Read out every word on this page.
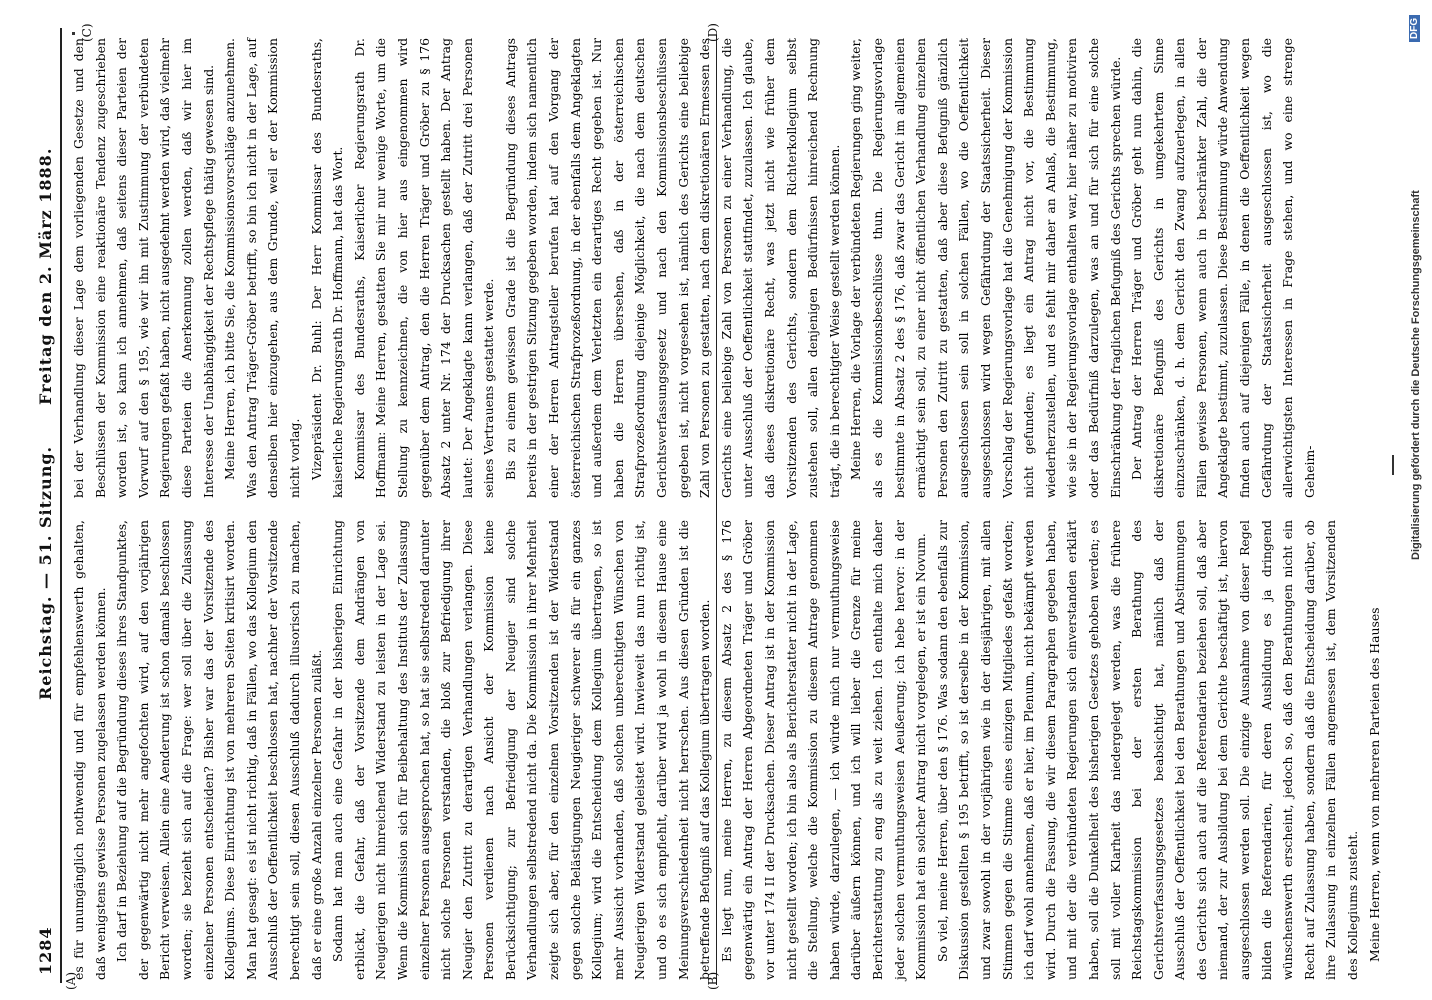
1284
Reichstag. — 51. Sitzung.
Freitag den 2. März 1888.
(A)	(B)
(C)	(D)

es für unumgänglich nothwendig und für empfehlenswerth gehalten, daß wenigstens gewisse Personen zugelassen werden können. Ich darf in Beziehung auf die Begründung dieses ihres Standpunktes, der gegenwärtig nicht mehr angefochten wird, auf den vorjährigen Bericht verweisen. Allein eine Aenderung ist schon damals beschlossen worden; sie bezieht sich auf die Frage: wer soll über die Zulassung einzelner Personen entscheiden? Bisher war das der Vorsitzende des Kollegiums. Diese Einrichtung ist von mehreren Seiten kritisirt worden. Man hat gesagt: es ist nicht richtig, daß in Fällen, wo das Kollegium den Ausschluß der Oeffentlichkeit beschlossen hat, nachher der Vorsitzende berechtigt sein soll, diesen Ausschluß dadurch illusorisch zu machen, daß er eine große Anzahl einzelner Personen zuläßt. Sodann hat man auch eine Gefahr in der bisherigen Einrichtung erblickt, die Gefahr, daß der Vorsitzende dem Andrängen von Neugierigen nicht hinreichend Widerstand zu leisten in der Lage sei. Wenn die Kommission sich für Beibehaltung des Instituts der Zulassung einzelner Personen ausgesprochen hat, so hat sie selbstredend darunter nicht solche Personen verstanden, die bloß zur Befriedigung ihrer Neugier den Zutritt zu derartigen Verhandlungen verlangen. Diese Personen verdienen nach Ansicht der Kommission keine Berücksichtigung; zur Befriedigung der Neugier sind solche Verhandlungen selbstredend nicht da. Die Kommission in ihrer Mehrheit zeigte sich aber, für den einzelnen Vorsitzenden ist der Widerstand gegen solche Belästigungen Neugieriger schwerer als für ein ganzes Kollegium; wird die Entscheidung dem Kollegium übertragen, so ist mehr Aussicht vorhanden, daß solchen unberechtigten Wünschen von Neugierigen Widerstand geleistet wird. Inwieweit das nun richtig ist, und ob es sich empfiehlt, darüber wird ja wohl in diesem Hause eine Meinungsverschiedenheit nicht herrschen. Aus diesen Gründen ist die betreffende Befugniß auf das Kollegium übertragen worden. Es liegt nun, meine Herren, zu diesem Absatz 2 des § 176 gegenwärtig ein Antrag der Herren Abgeordneten Träger und Gröber vor unter 174 II der Drucksachen. Dieser Antrag ist in der Kommission nicht gestellt worden; ich bin also als Berichterstatter nicht in der Lage, die Stellung, welche die Kommission zu diesem Antrage genommen haben würde, darzulegen, — ich würde mich nur vermuthungsweise darüber äußern können, und ich will lieber die Grenze für meine Berichterstattung zu eng als zu weit ziehen. Ich enthalte mich daher jeder solchen vermuthungsweisen Aeußerung; ich hebe hervor: in der Kommission hat ein solcher Antrag nicht vorgelegen, er ist ein Novum. So viel, meine Herren, über den § 176. Was sodann den ebenfalls zur Diskussion gestellten § 195 betrifft, so ist derselbe in der Kommission, und zwar sowohl in der vorjährigen wie in der diesjährigen, mit allen Stimmen gegen die Stimme eines einzigen Mitgliedes gefaßt worden; ich darf wohl annehmen, daß er hier, im Plenum, nicht bekämpft werden wird. Durch die Fassung, die wir diesem Paragraphen gegeben haben, und mit der die verbündeten Regierungen sich einverstanden erklärt haben, soll die Dunkelheit des bisherigen Gesetzes gehoben werden; es soll mit voller Klarheit das niedergelegt werden, was die frühere Reichstagskommission bei der ersten Berathung des Gerichtsverfassungsgesetzes beabsichtigt hat, nämlich daß der Ausschluß der Oeffentlichkeit bei den Berathungen und Abstimmungen des Gerichts sich auch auf die Referendarien beziehen soll, daß aber niemand, der zur Ausbildung bei dem Gerichte beschäftigt ist, hiervon ausgeschlossen werden soll. Die einzige Ausnahme von dieser Regel bilden die Referendarien, für deren Ausbildung es ja dringend wünschenswerth erscheint, jedoch so, daß den Berathungen nicht ein Recht auf Zulassung haben, sondern daß die Entscheidung darüber, ob ihre Zulassung in einzelnen Fällen angemessen ist, dem Vorsitzenden des Kollegiums zusteht. Meine Herren, wenn von mehreren Parteien des Hauses

bei der Verhandlung dieser Lage dem vorliegenden Gesetze und den Beschlüssen der Kommission eine reaktionäre Tendenz zugeschrieben worden ist, so kann ich annehmen, daß seitens dieser Parteien der Vorwurf auf den § 195, wie wir ihn mit Zustimmung der verbündeten Regierungen gefaßt haben, nicht ausgedehnt werden wird, daß vielmehr diese Parteien die Anerkennung zollen werden, daß wir hier im Interesse der Unabhängigkeit der Rechtspflege thätig gewesen sind. Meine Herren, ich bitte Sie, die Kommissionsvorschläge anzunehmen. Was den Antrag Träger-Gröber betrifft, so bin ich nicht in der Lage, auf denselben hier einzugehen, aus dem Grunde, weil er der Kommission nicht vorlag. Vizepräsident Dr. Buhl: Der Herr Kommissar des Bundesraths, kaiserliche Regierungsrath Dr. Hoffmann, hat das Wort. Kommissar des Bundesraths, Kaiserlicher Regierungsrath Dr. Hoffmann: Meine Herren, gestatten Sie mir nur wenige Worte, um die Stellung zu kennzeichnen, die von hier aus eingenommen wird gegenüber dem Antrag, den die Herren Träger und Gröber zu § 176 Absatz 2 unter Nr. 174 der Drucksachen gestellt haben. Der Antrag lautet: Der Angeklagte kann verlangen, daß der Zutritt drei Personen seines Vertrauens gestattet werde. Bis zu einem gewissen Grade ist die Begründung dieses Antrags bereits in der gestrigen Sitzung gegeben worden, indem sich namentlich einer der Herren Antragsteller berufen hat auf den Vorgang der österreichischen Strafprozeßordnung, in der ebenfalls dem Angeklagten und außerdem dem Verletzten ein derartiges Recht gegeben ist. Nur haben die Herren übersehen, daß in der österreichischen Strafprozeßordnung diejenige Möglichkeit, die nach dem deutschen Gerichtsverfassungsgesetz und nach den Kommissionsbeschlüssen gegeben ist, nicht vorgesehen ist, nämlich des Gerichts eine beliebige Zahl von Personen zu gestatten, nach dem diskretionären Ermessen des Gerichts eine beliebige Zahl von Personen zu einer Verhandlung, die unter Ausschluß der Oeffentlichkeit stattfindet, zuzulassen. Ich glaube, daß dieses diskretionäre Recht, was jetzt nicht wie früher dem Vorsitzenden des Gerichts, sondern dem Richterkollegium selbst zustehen soll, allen denjenigen Bedürfnissen hinreichend Rechnung trägt, die in berechtigter Weise gestellt werden können. Meine Herren, die Vorlage der verbündeten Regierungen ging weiter, als es die Kommissionsbeschlüsse thun. Die Regierungsvorlage bestimmte in Absatz 2 des § 176, daß zwar das Gericht im allgemeinen ermächtigt sein soll, zu einer nicht öffentlichen Verhandlung einzelnen Personen den Zutritt zu gestatten, daß aber diese Befugniß gänzlich ausgeschlossen sein soll in solchen Fällen, wo die Oeffentlichkeit ausgeschlossen wird wegen Gefährdung der Staatssicherheit. Dieser Vorschlag der Regierungsvorlage hat die Genehmigung der Kommission nicht gefunden; es liegt ein Antrag nicht vor, die Bestimmung wiederherzustellen, und es fehlt mir daher an Anlaß, die Bestimmung, wie sie in der Regierungsvorlage enthalten war, hier näher zu motiviren oder das Bedürfniß darzulegen, was an und für sich für eine solche Einschränkung der fraglichen Befugniß des Gerichts sprechen würde. Der Antrag der Herren Träger und Gröber geht nun dahin, die diskretionäre Befugniß des Gerichts in umgekehrtem Sinne einzuschränken, d. h. dem Gericht den Zwang aufzuerlegen, in allen Fällen gewisse Personen, wenn auch in beschränkter Zahl, die der Angeklagte bestimmt, zuzulassen. Diese Bestimmung würde Anwendung finden auch auf diejenigen Fälle, in denen die Oeffentlichkeit wegen Gefährdung der Staatssicherheit ausgeschlossen ist, wo die allerwichtigsten Interessen in Frage stehen, und wo eine strenge Geheim-	Digitalisierung gefördert durch die Deutsche Forschungsgemeinschaft
DFG
